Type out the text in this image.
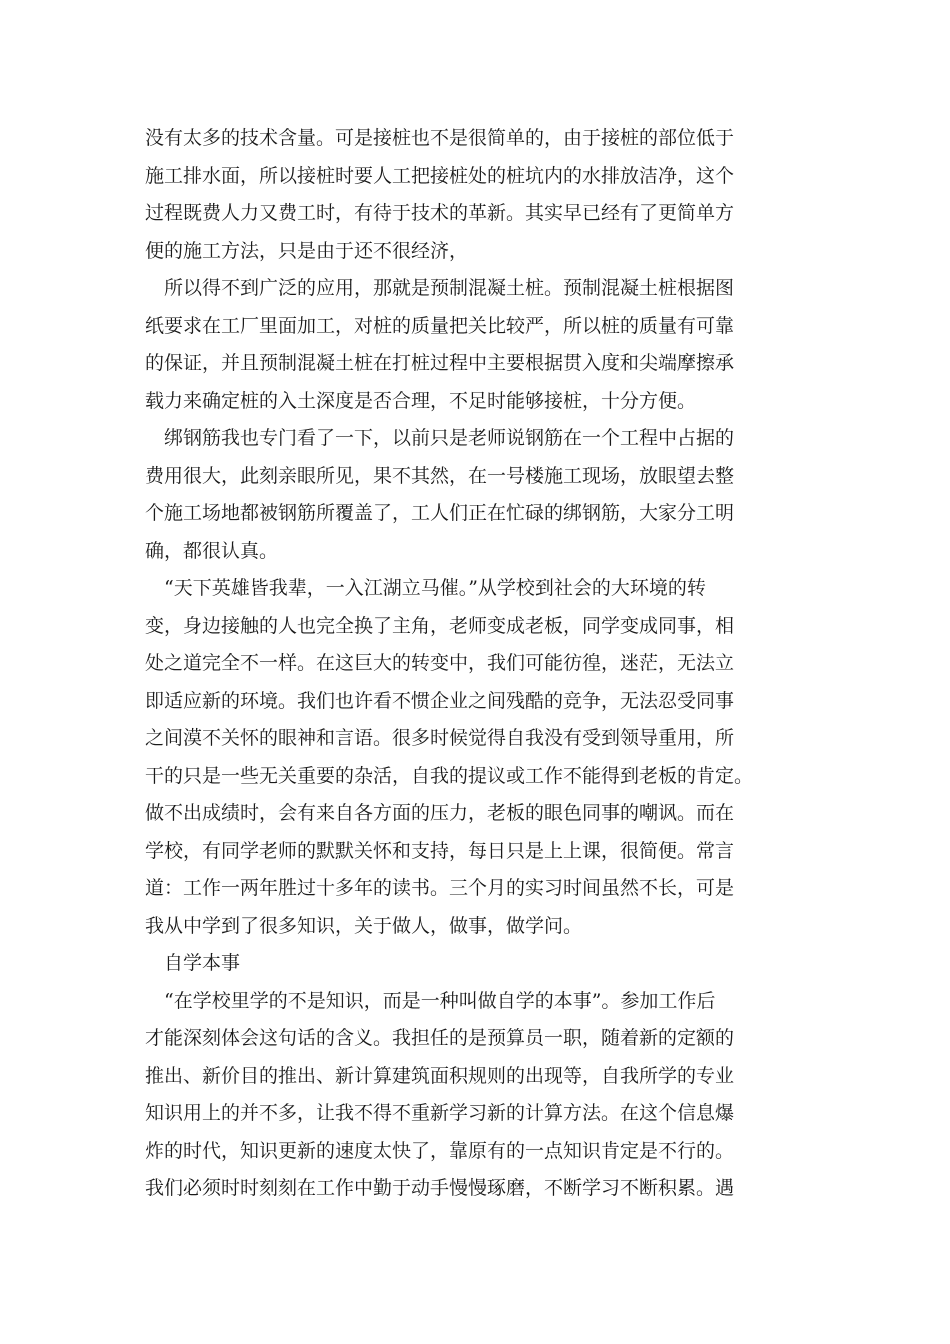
没有太多的技术含量。可是接桩也不是很简单的，由于接桩的部位低于
施工排水面，所以接桩时要人工把接桩处的桩坑内的水排放洁净，这个
过程既费人力又费工时，有待于技术的革新。其实早已经有了更简单方
便的施工方法，只是由于还不很经济，
　所以得不到广泛的应用，那就是预制混凝土桩。预制混凝土桩根据图
纸要求在工厂里面加工，对桩的质量把关比较严，所以桩的质量有可靠
的保证，并且预制混凝土桩在打桩过程中主要根据贯入度和尖端摩擦承
载力来确定桩的入土深度是否合理，不足时能够接桩，十分方便。
　绑钢筋我也专门看了一下，以前只是老师说钢筋在一个工程中占据的
费用很大，此刻亲眼所见，果不其然，在一号楼施工现场，放眼望去整
个施工场地都被钢筋所覆盖了，工人们正在忙碌的绑钢筋，大家分工明
确，都很认真。
　“天下英雄皆我辈，一入江湖立马催。”从学校到社会的大环境的转
变，身边接触的人也完全换了主角，老师变成老板，同学变成同事，相
处之道完全不一样。在这巨大的转变中，我们可能彷徨，迷茫，无法立
即适应新的环境。我们也许看不惯企业之间残酷的竞争，无法忍受同事
之间漠不关怀的眼神和言语。很多时候觉得自我没有受到领导重用，所
干的只是一些无关重要的杂活，自我的提议或工作不能得到老板的肯定。
做不出成绩时，会有来自各方面的压力，老板的眼色同事的嘲讽。而在
学校，有同学老师的默默关怀和支持，每日只是上上课，很简便。常言
道：工作一两年胜过十多年的读书。三个月的实习时间虽然不长，可是
我从中学到了很多知识，关于做人，做事，做学问。
　自学本事
　“在学校里学的不是知识，而是一种叫做自学的本事”。参加工作后
才能深刻体会这句话的含义。我担任的是预算员一职，随着新的定额的
推出、新价目的推出、新计算建筑面积规则的出现等，自我所学的专业
知识用上的并不多，让我不得不重新学习新的计算方法。在这个信息爆
炸的时代，知识更新的速度太快了，靠原有的一点知识肯定是不行的。
我们必须时时刻刻在工作中勤于动手慢慢琢磨，不断学习不断积累。遇
